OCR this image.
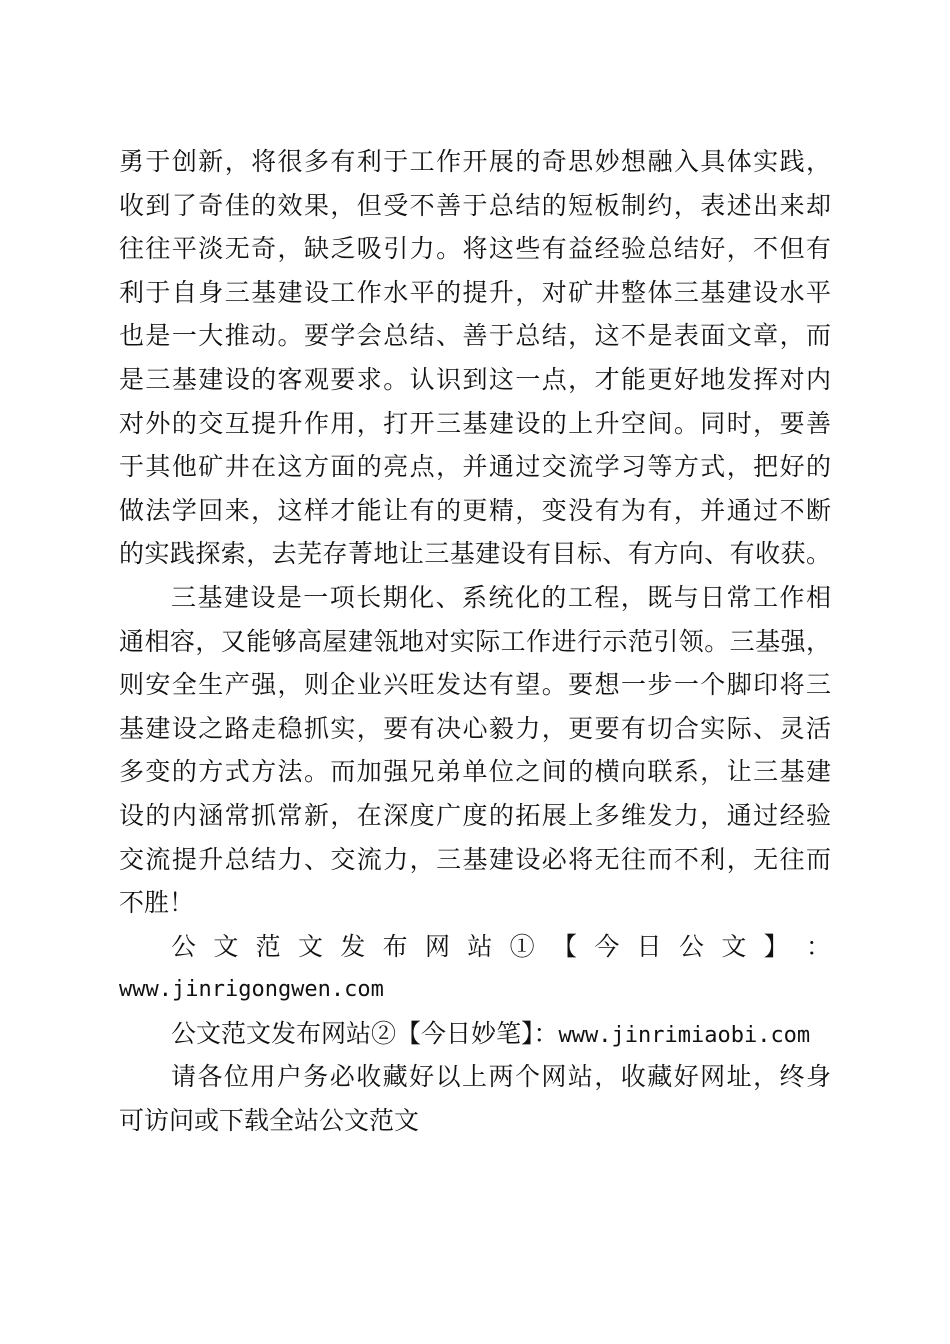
勇于创新，将很多有利于工作开展的奇思妙想融入具体实践，
收到了奇佳的效果，但受不善于总结的短板制约，表述出来却
往往平淡无奇，缺乏吸引力。将这些有益经验总结好，不但有
利于自身三基建设工作水平的提升，对矿井整体三基建设水平
也是一大推动。要学会总结、善于总结，这不是表面文章，而
是三基建设的客观要求。认识到这一点，才能更好地发挥对内
对外的交互提升作用，打开三基建设的上升空间。同时，要善
于其他矿井在这方面的亮点，并通过交流学习等方式，把好的
做法学回来，这样才能让有的更精，变没有为有，并通过不断
的实践探索，去芜存菁地让三基建设有目标、有方向、有收获。
三基建设是一项长期化、系统化的工程，既与日常工作相
通相容，又能够高屋建瓴地对实际工作进行示范引领。三基强，
则安全生产强，则企业兴旺发达有望。要想一步一个脚印将三
基建设之路走稳抓实，要有决心毅力，更要有切合实际、灵活
多变的方式方法。而加强兄弟单位之间的横向联系，让三基建
设的内涵常抓常新，在深度广度的拓展上多维发力，通过经验
交流提升总结力、交流力，三基建设必将无往而不利，无往而
不胜！
公 文 范 文 发 布 网 站 ① 【 今 日 公 文 】 ：
www.jinrigongwen.com
公文范文发布网站②【今日妙笔】：www.jinrimiaobi.com
请各位用户务必收藏好以上两个网站，收藏好网址，终身
可访问或下载全站公文范文
